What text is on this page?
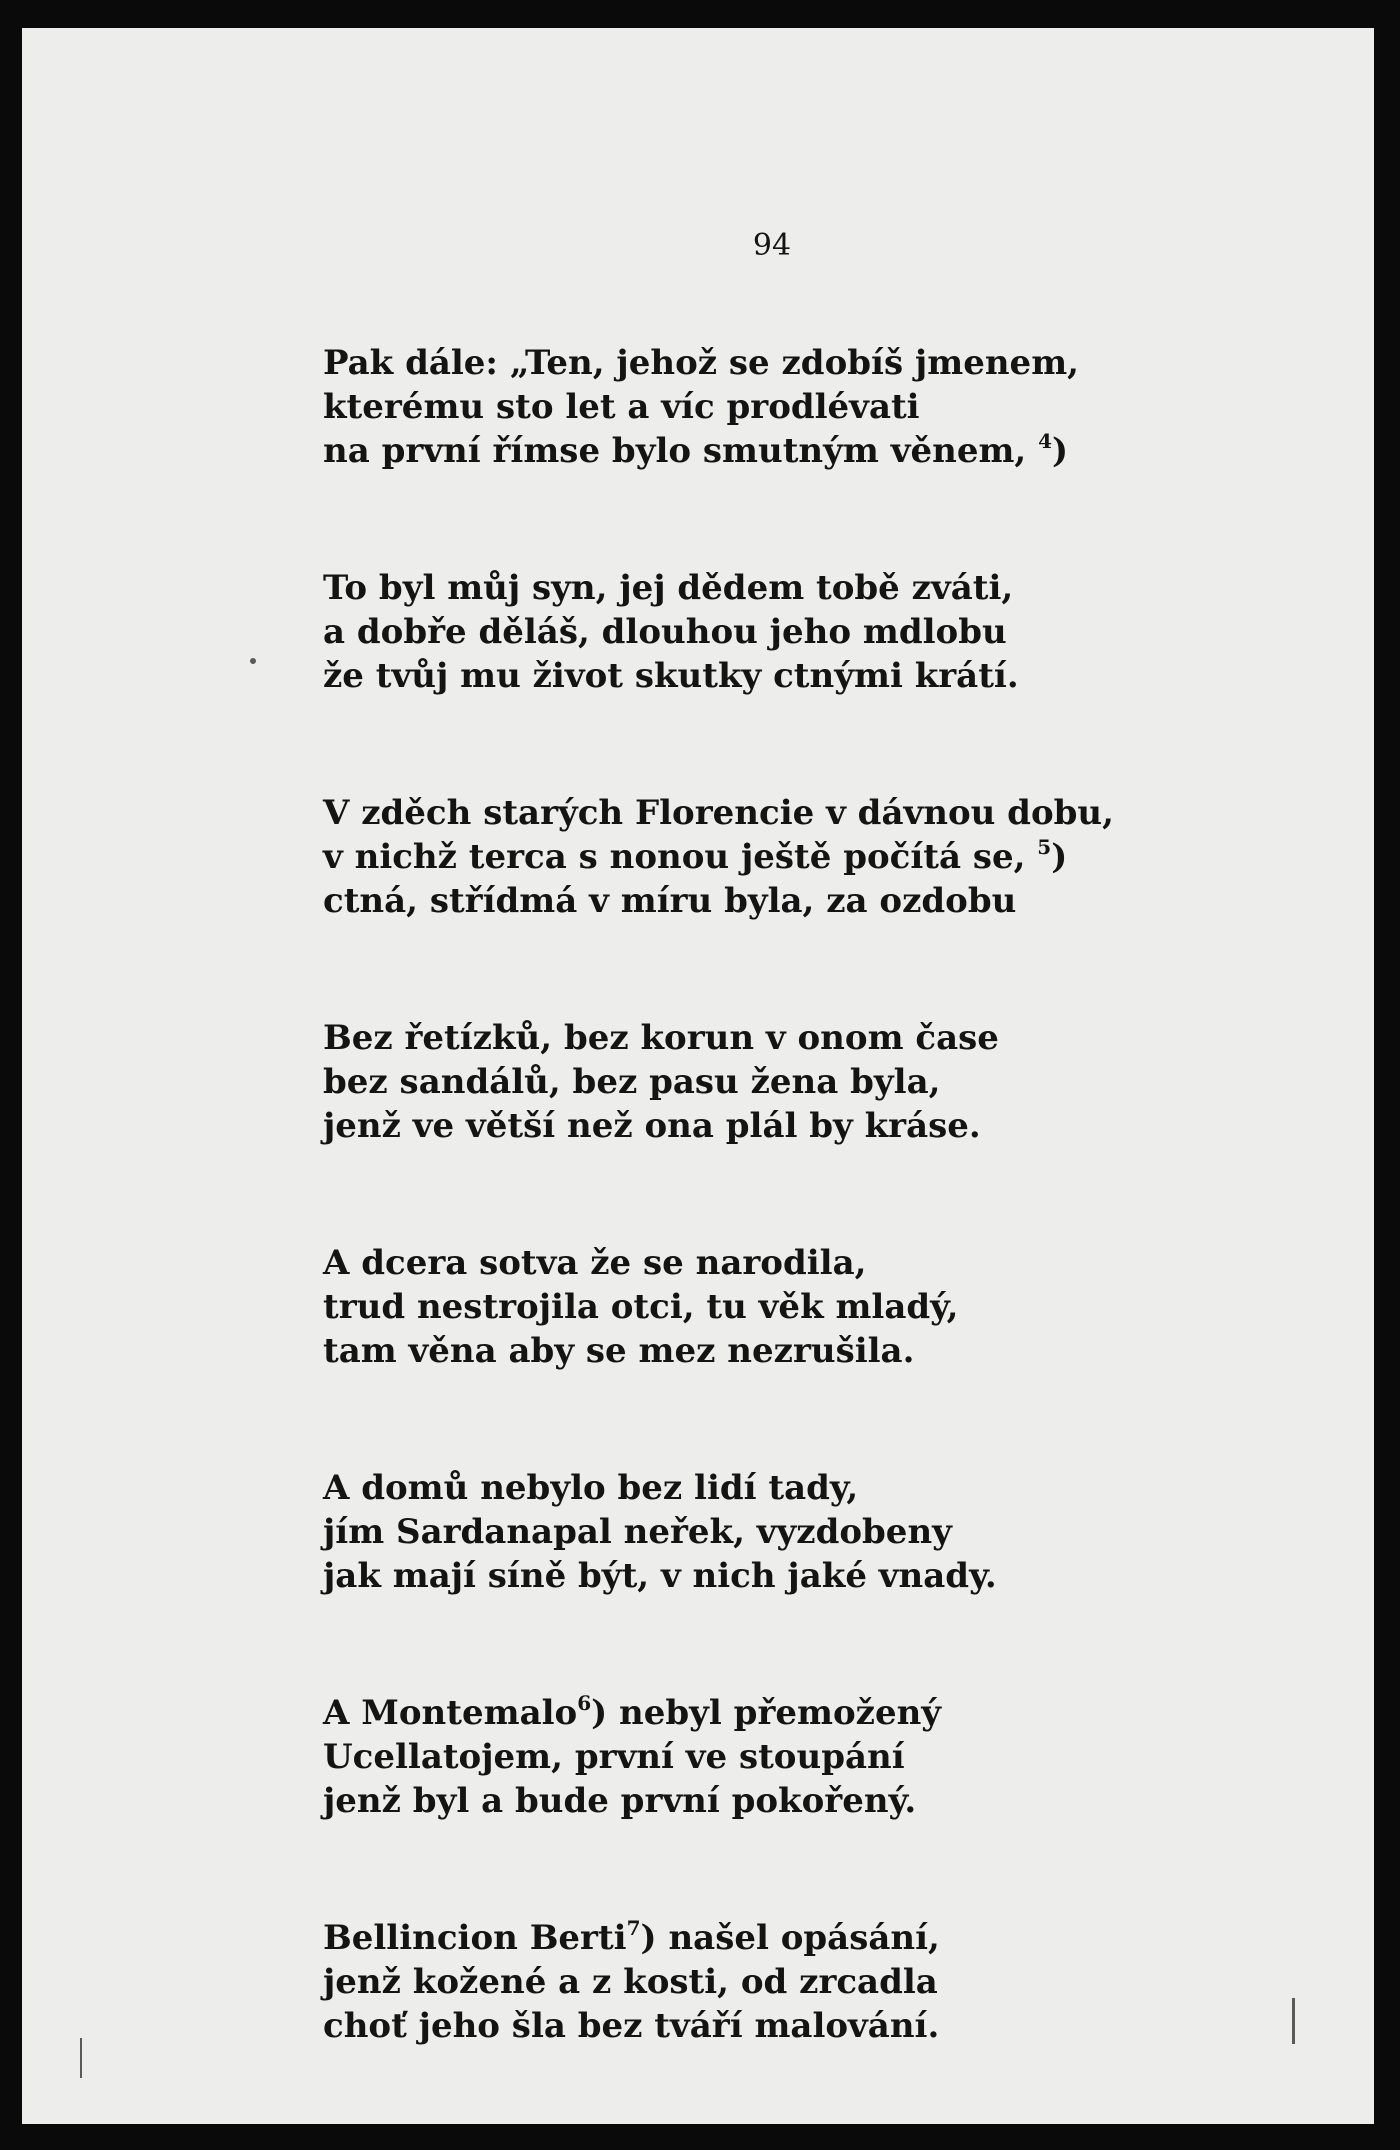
94

Pak dále: „Ten, jehož se zdobíš jmenem,
kterému sto let a víc prodlévati
na první římse bylo smutným věnem, $^4$)

To byl můj syn, jej dědem tobě zváti,
a dobře děláš, dlouhou jeho mdlobu
že tvůj mu život skutky ctnými krátí.

V zděch starých Florencie v dávnou dobu,
v nichž terca s nonou ještě počítá se, $^5$)
ctná, střídmá v míru byla, za ozdobu

Bez řetízků, bez korun v onom čase
bez sandálů, bez pasu žena byla,
jenž ve větší než ona plál by kráse.

A dcera sotva že se narodila,
trud nestrojila otci, tu věk mladý,
tam věna aby se mez nezrušila.

A domů nebylo bez lidí tady,
jím Sardanapal neřek, vyzdobeny
jak mají síně být, v nich jaké vnady.

A Montemalo$^6$) nebyl přemožený
Ucellatojem, první ve stoupání
jenž byl a bude první pokořený.

Bellincion Berti$^7$) našel opásání,
jenž kožené a z kosti, od zrcadla
choť jeho šla bez tváří malování.
